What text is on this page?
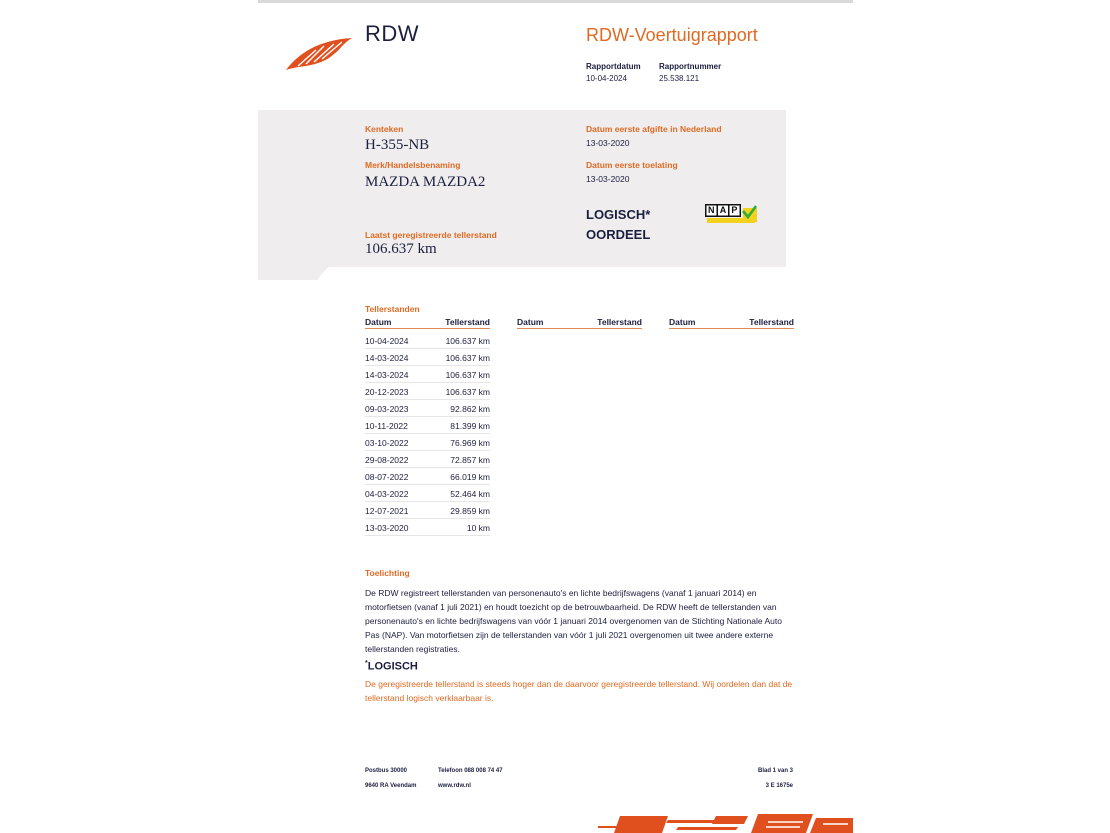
RDW	RDW-Voertuigrapport
Rapportdatum
10-04-2024
Rapportnummer
25.538.121
Kenteken
H-355-NB
Merk/Handelsbenaming
MAZDA MAZDA2
Laatst geregistreerde tellerstand
106.637 km
Datum eerste afgifte in Nederland
13-03-2020
Datum eerste toelating
13-03-2020
LOGISCH*
OORDEEL
NAP
Tellerstanden
Datum	Tellerstand	Datum	Tellerstand	Datum	Tellerstand
10-04-2024	106.637 km
14-03-2024	106.637 km
14-03-2024	106.637 km
20-12-2023	106.637 km
09-03-2023	92.862 km
10-11-2022	81.399 km
03-10-2022	76.969 km
29-08-2022	72.857 km
08-07-2022	66.019 km
04-03-2022	52.464 km
12-07-2021	29.859 km
13-03-2020	10 km
Toelichting
De RDW registreert tellerstanden van personenauto's en lichte bedrijfswagens (vanaf 1 januari 2014) en motorfietsen (vanaf 1 juli 2021) en houdt toezicht op de betrouwbaarheid. De RDW heeft de tellerstanden van personenauto's en lichte bedrijfswagens van vóór 1 januari 2014 overgenomen van de Stichting Nationale Auto Pas (NAP). Van motorfietsen zijn de tellerstanden van vóór 1 juli 2021 overgenomen uit twee andere externe tellerstanden registraties.
*LOGISCH
De geregistreerde tellerstand is steeds hoger dan de daarvoor geregistreerde tellerstand. Wij oordelen dan dat de tellerstand logisch verklaarbaar is.
Postbus 30000
9640 RA Veendam
Telefoon 088 008 74 47
www.rdw.nl
Blad 1 van 3
3 E 1675e
